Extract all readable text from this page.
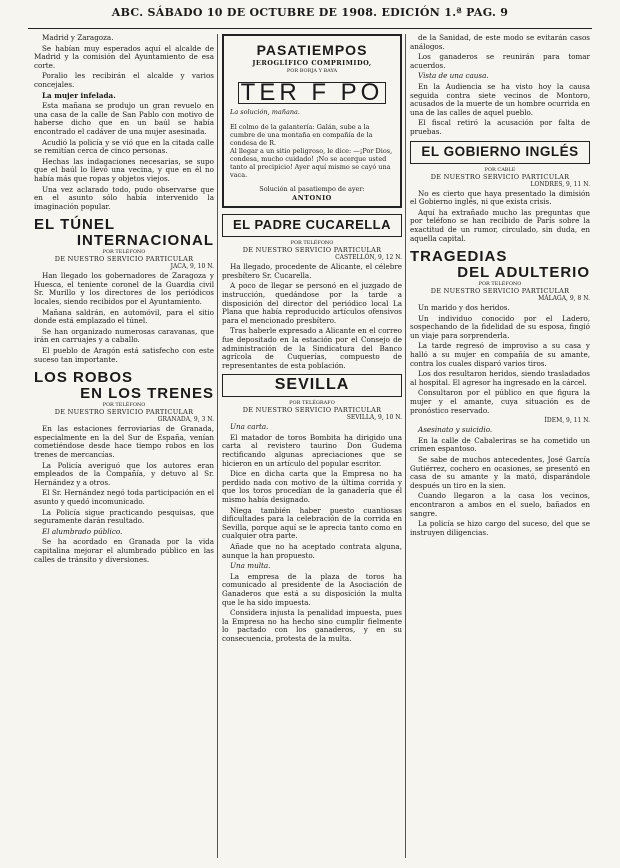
ABC. SÁBADO 10 DE OCTUBRE DE 1908. EDICIÓN 1.ª PAG. 9

Madrid y Zaragoza.

Se habían muy esperados aquí el alcalde de Madrid y la comisión del Ayuntamiento de esa corte.

Poralio les recibirán el alcalde y varios concejales.

La mujer infelada.

Esta mañana se produjo un gran revuelo en una casa de la calle de San Pablo con motivo de haberse dicho que en un baúl se había encontrado el cadáver de una mujer asesinada.

Acudió la policía y se vió que en la citada calle se remitían cerca de cinco personas.

Hechas las indagaciones necesarias, se supo que el baúl lo llevó una vecina, y que en él no había más que ropas y objetos viejos.

Una vez aclarado todo, pudo observarse que en el asunto sólo había intervenido la imaginación popular.

EL TÚNEL
INTERNACIONAL
POR TELÉFONO
DE NUESTRO SERVICIO PARTICULAR
JACA, 9, 10 N.

Han llegado los gobernadores de Zaragoza y Huesca, el teniente coronel de la Guardia civil Sr. Murillo y los directores de los periódicos locales, siendo recibidos por el Ayuntamiento.

Mañana saldrán, en automóvil, para el sitio donde está emplazado el túnel.

Se han organizado numerosas caravanas, que irán en carruajes y a caballo.

El pueblo de Aragón está satisfecho con este suceso tan importante.

LOS ROBOS
EN LOS TRENES
POR TELÉFONO
DE NUESTRO SERVICIO PARTICULAR
GRANADA, 9, 3 N.

En las estaciones ferroviarias de Granada, especialmente en la del Sur de España, venían cometiéndose desde hace tiempo robos en los trenes de mercancías.

La Policía averiguó que los autores eran empleados de la Compañía, y detuvo al Sr. Hernández y a otros.

El Sr. Hernández negó toda participación en el asunto y quedó incomunicado.

La Policía sigue practicando pesquisas, que seguramente darán resultado.

El alumbrado público.

Se ha acordado en Granada por la vida capitalina mejorar el alumbrado público en las calles de tránsito y diversiones.

PASATIEMPOS
JEROGLÍFICO COMPRIMIDO,
POR BORJA Y BAYA
TER F PO
La solución, mañana.
El colmo de la galantería: Galán, sube a la cumbre de una montaña en compañía de la condesa de R.
Al llegar a un sitio peligroso, le dice: —¡Por Dios, condesa, mucho cuidado! ¡No se acerque usted tanto al precipicio! Ayer aquí mismo se cayó una vaca.
Solución al pasatiempo de ayer:
ANTONIO
EL PADRE CUCARELLA
POR TELÉFONO
DE NUESTRO SERVICIO PARTICULAR
CASTELLÓN, 9, 12 N.

Ha llegado, procedente de Alicante, el célebre presbítero Sr. Cucarella.

A poco de llegar se personó en el juzgado de instrucción, quedándose por la tarde a disposición del director del periódico local La Plana que había reproducido artículos ofensivos para el mencionado presbítero.

Tras haberle expresado a Alicante en el correo fue depositado en la estación por el Consejo de administración de la Sindicatura del Banco agrícola de Cuquerías, compuesto de representantes de esta población.

SEVILLA
POR TELÉGRAFO
DE NUESTRO SERVICIO PARTICULAR
SEVILLA, 9, 10 N.

Una carta.

El matador de toros Bombita ha dirigido una carta al revistero taurino Don Gudema rectificando algunas apreciaciones que se hicieron en un artículo del popular escritor.

Dice en dicha carta que la Empresa no ha perdido nada con motivo de la última corrida y que los toros procedían de la ganadería que él mismo había designado.

Niega también haber puesto cuantiosas dificultades para la celebración de la corrida en Sevilla, porque aquí se le aprecia tanto como en cualquier otra parte.

Añade que no ha aceptado contrata alguna, aunque la han propuesto.

Una multa.

La empresa de la plaza de toros ha comunicado al presidente de la Asociación de Ganaderos que está a su disposición la multa que le ha sido impuesta.

Considera injusta la penalidad impuesta, pues la Empresa no ha hecho sino cumplir fielmente lo pactado con los ganaderos, y en su consecuencia, protesta de la multa.

de la Sanidad, de este modo se evitarán casos análogos.

Los ganaderos se reunirán para tomar acuerdos.

Vista de una causa.

En la Audiencia se ha visto hoy la causa seguida contra siete vecinos de Montoro, acusados de la muerte de un hombre ocurrida en una de las calles de aquel pueblo.

El fiscal retiró la acusación por falta de pruebas.

EL GOBIERNO INGLÉS
POR CABLE
DE NUESTRO SERVICIO PARTICULAR
LONDRES, 9, 11 N.

No es cierto que haya presentado la dimisión el Gobierno inglés, ni que exista crisis.

Aquí ha extrañado mucho las preguntas que por teléfono se han recibido de París sobre la exactitud de un rumor, circulado, sin duda, en aquella capital.

TRAGEDIAS
DEL ADULTERIO
POR TELÉFONO
DE NUESTRO SERVICIO PARTICULAR
MÁLAGA, 9, 8 N.

Un marido y dos heridos.

Un individuo conocido por el Ladero, sospechando de la fidelidad de su esposa, fingió un viaje para sorprenderla.

La tarde regresó de improviso a su casa y halló a su mujer en compañía de su amante, contra los cuales disparó varios tiros.

Los dos resultaron heridos, siendo trasladados al hospital. El agresor ha ingresado en la cárcel.

Consultaron por el público en que figura la mujer y el amante, cuya situación es de pronóstico reservado.

ÍDEM, 9, 11 N.

Asesinato y suicidio.

En la calle de Cabaleriras se ha cometido un crimen espantoso.

Se sabe de muchos antecedentes, José García Gutiérrez, cochero en ocasiones, se presentó en casa de su amante y la mató, disparándole después un tiro en la sien.

Cuando llegaron a la casa los vecinos, encontraron a ambos en el suelo, bañados en sangre.

La policía se hizo cargo del suceso, del que se instruyen diligencias.
